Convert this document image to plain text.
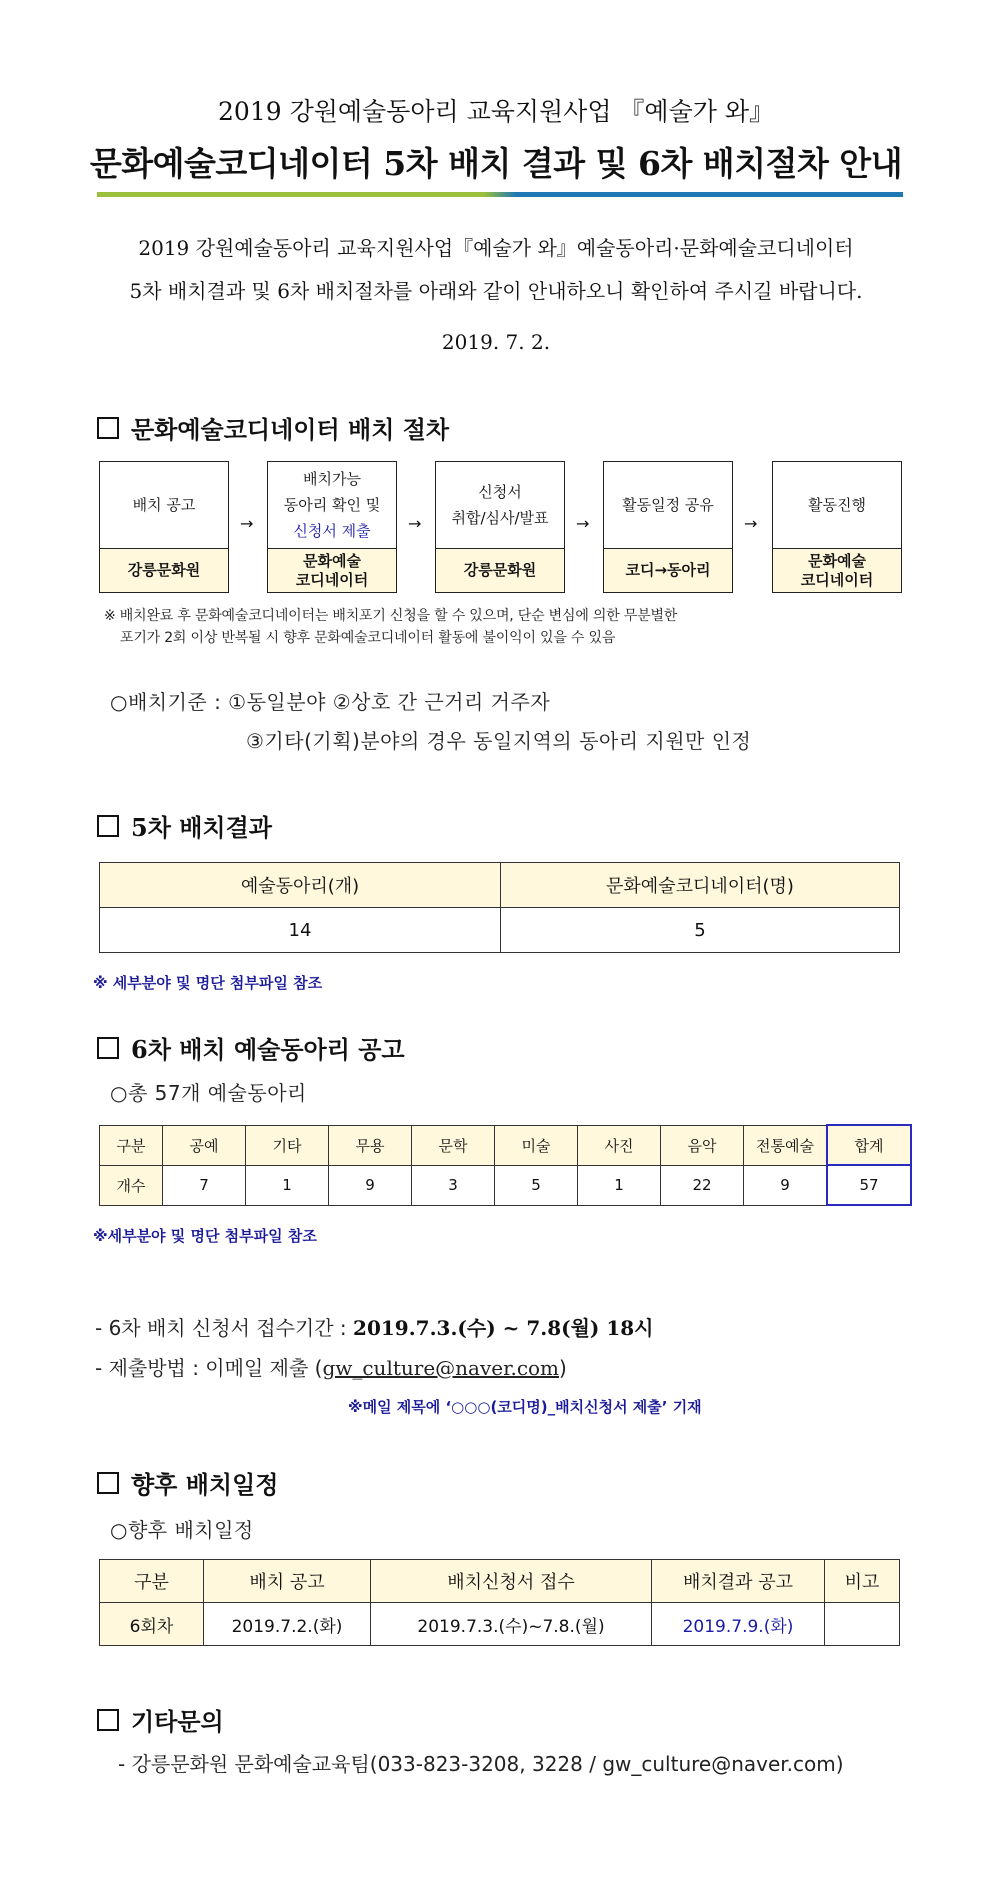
2019 강원예술동아리 교육지원사업 『예술가 와』
문화예술코디네이터 5차 배치 결과 및 6차 배치절차 안내
2019 강원예술동아리 교육지원사업『예술가 와』예술동아리·문화예술코디네이터
5차 배치결과 및 6차 배치절차를 아래와 같이 안내하오니 확인하여 주시길 바랍니다.
2019. 7. 2.
문화예술코디네이터 배치 절차
배치 공고
강릉문화원
→
배치가능
동아리 확인 및
신청서 제출
문화예술
코디네이터
→
신청서
취합/심사/발표
강릉문화원
→
활동일정 공유
코디→동아리
→
활동진행
문화예술
코디네이터
※ 배치완료 후 문화예술코디네이터는 배치포기 신청을 할 수 있으며, 단순 변심에 의한 무분별한
포기가 2회 이상 반복될 시 향후 문화예술코디네이터 활동에 불이익이 있을 수 있음
○배치기준 : ①동일분야 ②상호 간 근거리 거주자
③기타(기획)분야의 경우 동일지역의 동아리 지원만 인정
5차 배치결과
예술동아리(개)	문화예술코디네이터(명)
14	5
※ 세부분야 및 명단 첨부파일 참조
6차 배치 예술동아리 공고
○총 57개 예술동아리
구분	공예	기타	무용	문학	미술	사진	음악	전통예술	합계
개수	7	1	9	3	5	1	22	9	57
※세부분야 및 명단 첨부파일 참조
- 6차 배치 신청서 접수기간 : 2019.7.3.(수) ~ 7.8(월) 18시
- 제출방법 : 이메일 제출 (gw_culture@naver.com)
※메일 제목에 ‘○○○(코디명)_배치신청서 제출’ 기재
향후 배치일정
○향후 배치일정
구분	배치 공고	배치신청서 접수	배치결과 공고	비고
6회차	2019.7.2.(화)	2019.7.3.(수)~7.8.(월)	2019.7.9.(화)	
기타문의
- 강릉문화원 문화예술교육팀(033-823-3208, 3228 / gw_culture@naver.com)
